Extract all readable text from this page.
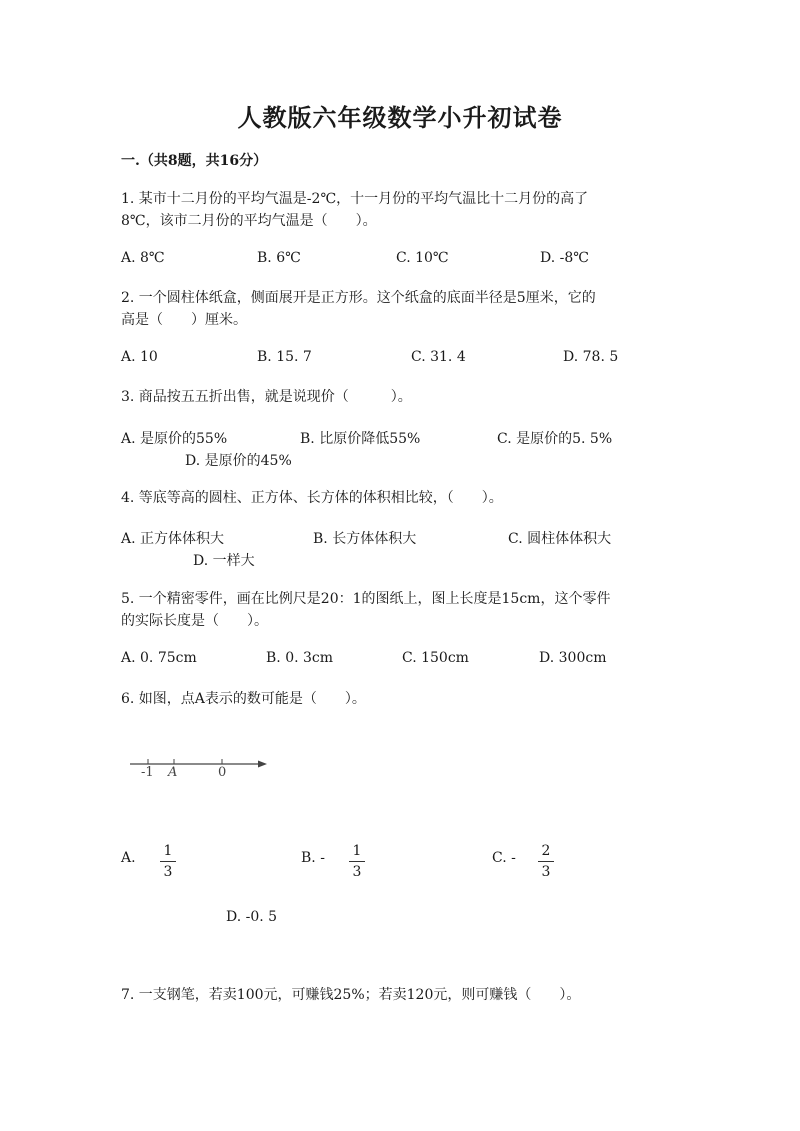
人教版六年级数学小升初试卷
一.（共8题，共16分）
1. 某市十二月份的平均气温是-2℃，十一月份的平均气温比十二月份的高了
8℃，该市二月份的平均气温是（　　）。
A. 8℃	B. 6℃	C. 10℃	D. -8℃
2. 一个圆柱体纸盒，侧面展开是正方形。这个纸盒的底面半径是5厘米，它的
高是（　　）厘米。
A. 10	B. 15. 7	C. 31. 4	D. 78. 5
3. 商品按五五折出售，就是说现价（　　　）。
A. 是原价的55%	B. 比原价降低55%	C. 是原价的5. 5%
D. 是原价的45%
4. 等底等高的圆柱、正方体、长方体的体积相比较，（　　）。
A. 正方体体积大	B. 长方体体积大	C. 圆柱体体积大
D. 一样大
5. 一个精密零件，画在比例尺是20：1的图纸上，图上长度是15cm，这个零件
的实际长度是（　　）。
A. 0. 75cm	B. 0. 3cm	C. 150cm	D. 300cm
6. 如图，点A表示的数可能是（　　）。
-1 A	0
A.	1
3
B. -	1
3
C. -	2
3
D. -0. 5
7. 一支钢笔，若卖100元，可赚钱25%；若卖120元，则可赚钱（　　）。
